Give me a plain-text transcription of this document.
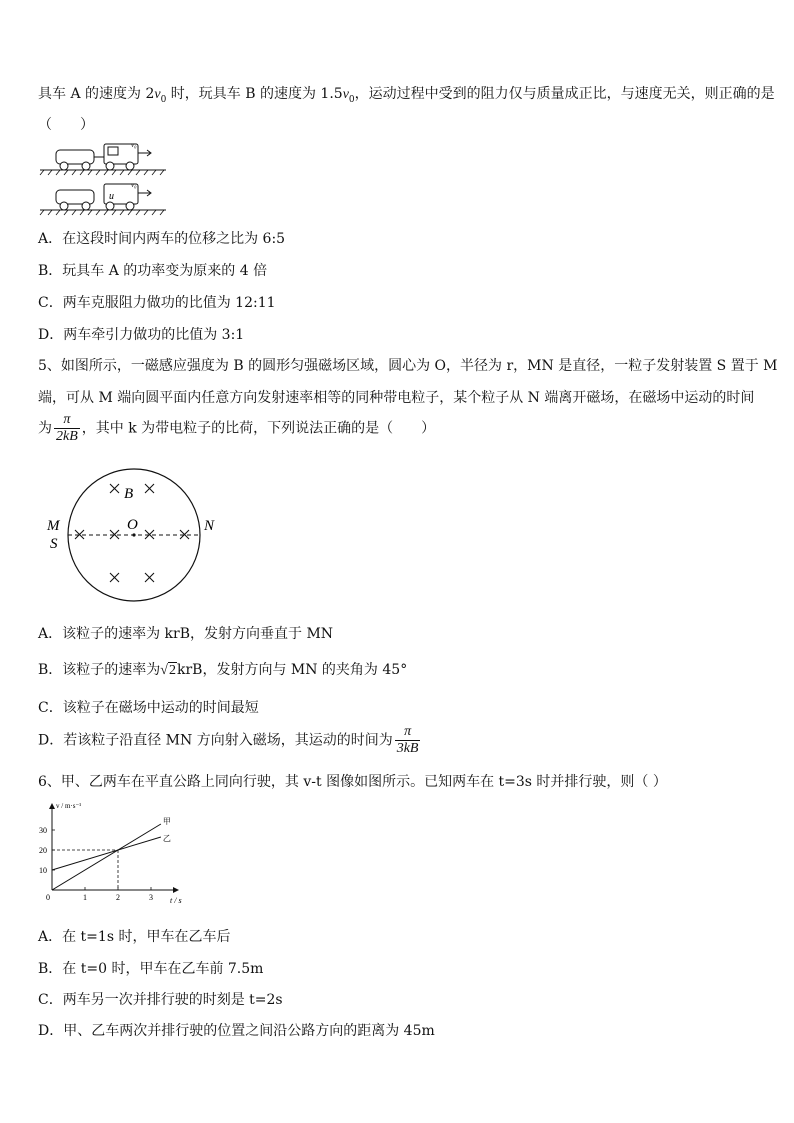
具车 A 的速度为 $2v_0$ 时，玩具车 B 的速度为 $1.5v_0$，运动过程中受到的阻力仅与质量成正比，与速度无关，则正确的是
（　　）
v₀
u
v₀
A．在这段时间内两车的位移之比为 6:5
B．玩具车 A 的功率变为原来的 4 倍
C．两车克服阻力做功的比值为 12:11
D．两车牵引力做功的比值为 3:1
5、如图所示，一磁感应强度为 B 的圆形匀强磁场区域，圆心为 O，半径为 r，MN 是直径，一粒子发射装置 S 置于 M
端，可从 M 端向圆平面内任意方向发射速率相等的同种带电粒子，某个粒子从 N 端离开磁场，在磁场中运动的时间
为 $\frac{\pi}{2kB}$ ，其中 k 为带电粒子的比荷，下列说法正确的是（　　）
B
O
M
S
N
A．该粒子的速率为 krB，发射方向垂直于 MN
B．该粒子的速率为√2krB，发射方向与 MN 的夹角为 45°
C．该粒子在磁场中运动的时间最短
D．若该粒子沿直径 MN 方向射入磁场，其运动的时间为 $\frac{\pi}{3kB}$
6、甲、乙两车在平直公路上同向行驶，其 v-t 图像如图所示。已知两车在 t=3s 时并排行驶，则（ ）
v / m·s⁻¹
t / s
0	1	2	3
10
20
30
甲
乙
A．在 t=1s 时，甲车在乙车后
B．在 t=0 时，甲车在乙车前 7.5m
C．两车另一次并排行驶的时刻是 t=2s
D．甲、乙车两次并排行驶的位置之间沿公路方向的距离为 45m
